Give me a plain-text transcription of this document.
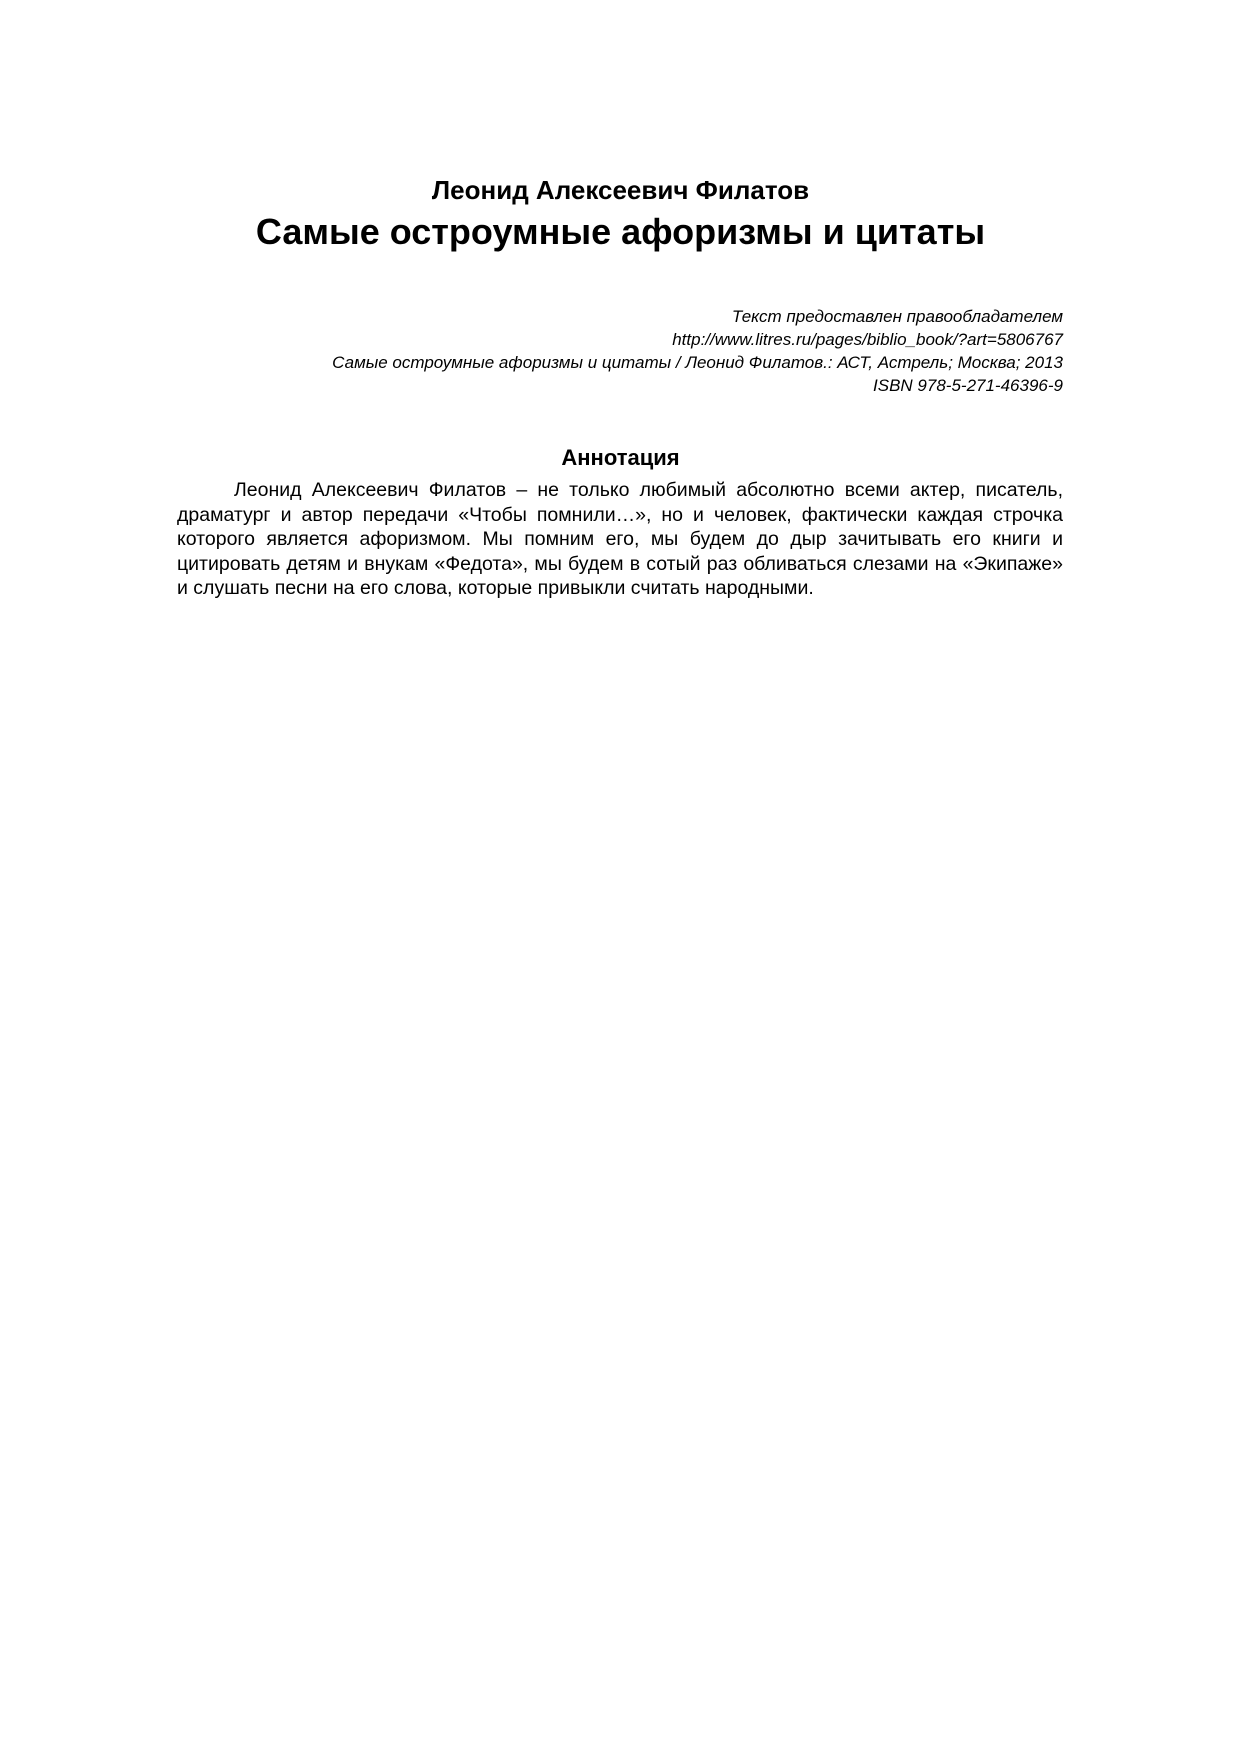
Леонид Алексеевич Филатов
Самые остроумные афоризмы и цитаты
Текст предоставлен правообладателем
http://www.litres.ru/pages/biblio_book/?art=5806767
Самые остроумные афоризмы и цитаты / Леонид Филатов.: АСТ, Астрель; Москва; 2013
ISBN 978-5-271-46396-9
Аннотация
Леонид Алексеевич Филатов – не только любимый абсолютно всеми актер, писатель, драматург и автор передачи «Чтобы помнили…», но и человек, фактически каждая строчка которого является афоризмом. Мы помним его, мы будем до дыр зачитывать его книги и цитировать детям и внукам «Федота», мы будем в сотый раз обливаться слезами на «Экипаже» и слушать песни на его слова, которые привыкли считать народными.
